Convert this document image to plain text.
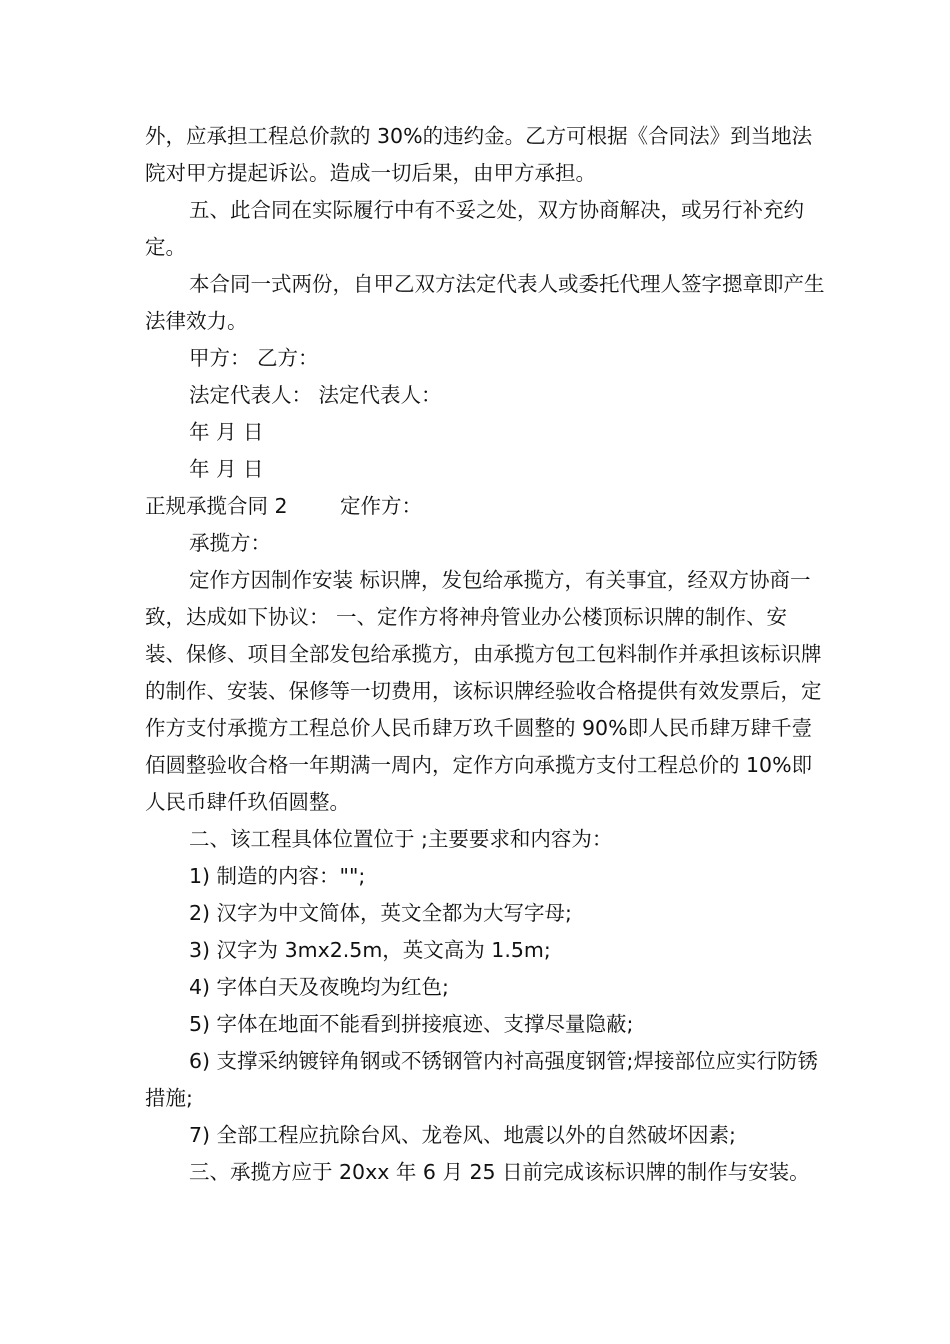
外，应承担工程总价款的 30%的违约金。乙方可根据《合同法》到当地法院对甲方提起诉讼。造成一切后果，由甲方承担。

五、此合同在实际履行中有不妥之处，双方协商解决，或另行补充约定。

本合同一式两份，自甲乙双方法定代表人或委托代理人签字摁章即产生法律效力。

甲方： 乙方：

法定代表人： 法定代表人：

年 月 日

年 月 日

正规承揽合同 2	定作方：

承揽方：

定作方因制作安装 标识牌，发包给承揽方，有关事宜，经双方协商一致，达成如下协议： 一、定作方将神舟管业办公楼顶标识牌的制作、安装、保修、项目全部发包给承揽方，由承揽方包工包料制作并承担该标识牌的制作、安装、保修等一切费用，该标识牌经验收合格提供有效发票后，定作方支付承揽方工程总价人民币肆万玖千圆整的 90%即人民币肆万肆千壹佰圆整验收合格一年期满一周内，定作方向承揽方支付工程总价的 10%即人民币肆仟玖佰圆整。

二、该工程具体位置位于 ;主要要求和内容为：

1) 制造的内容："";

2) 汉字为中文简体，英文全都为大写字母;

3) 汉字为 3mx2.5m，英文高为 1.5m;

4) 字体白天及夜晚均为红色;

5) 字体在地面不能看到拼接痕迹、支撑尽量隐蔽;

6) 支撑采纳镀锌角钢或不锈钢管内衬高强度钢管;焊接部位应实行防锈措施;

7) 全部工程应抗除台风、龙卷风、地震以外的自然破坏因素;

三、承揽方应于 20xx 年 6 月 25 日前完成该标识牌的制作与安装。
